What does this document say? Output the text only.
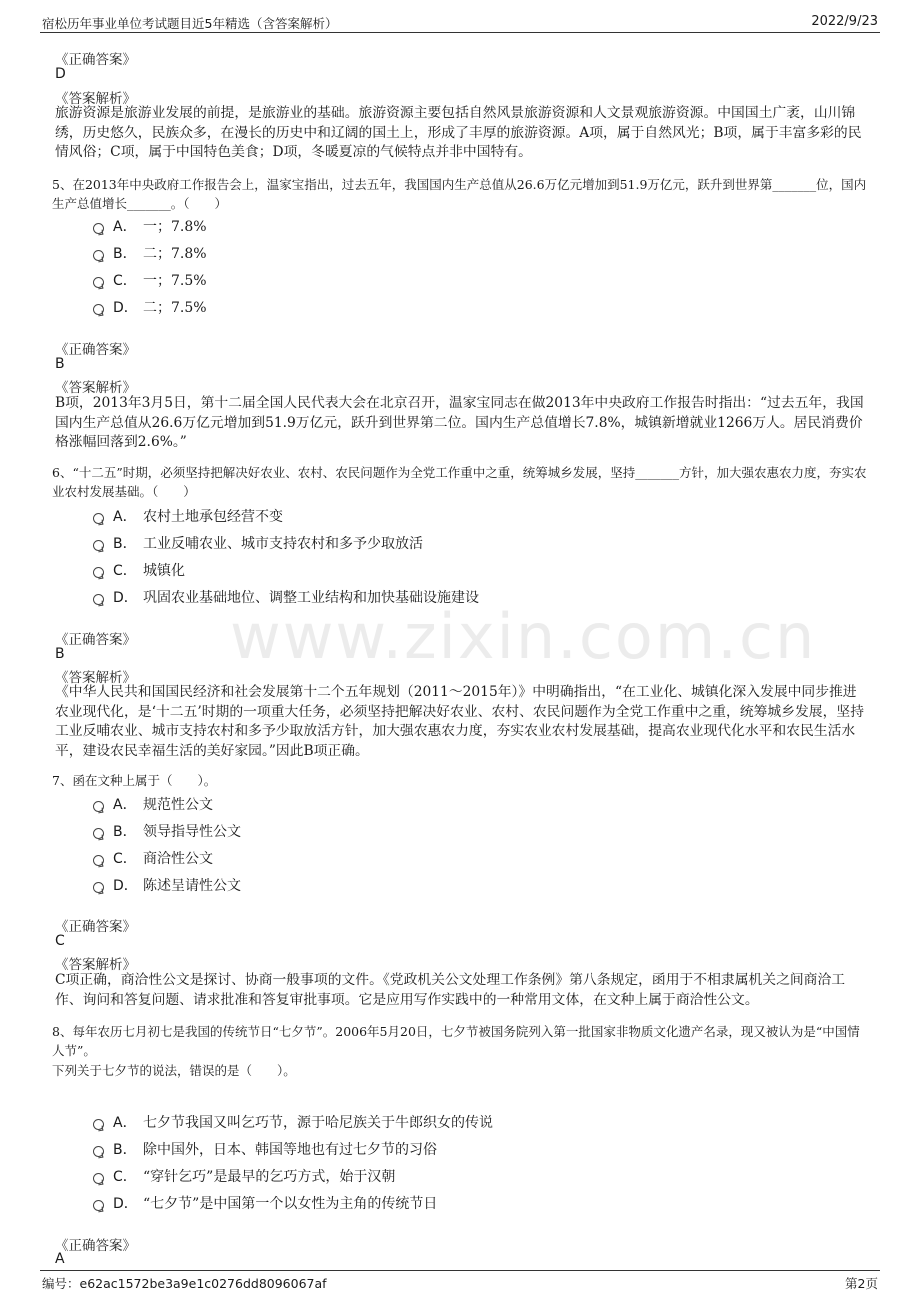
宿松历年事业单位考试题目近5年精选（含答案解析）	2022/9/23
www.zixin.com.cn
《正确答案》
D
《答案解析》
旅游资源是旅游业发展的前提，是旅游业的基础。旅游资源主要包括自然风景旅游资源和人文景观旅游资源。中国国土广袤，山川锦绣，历史悠久，民族众多，在漫长的历史中和辽阔的国土上，形成了丰厚的旅游资源。A项，属于自然风光；B项，属于丰富多彩的民情风俗；C项，属于中国特色美食；D项，冬暖夏凉的气候特点并非中国特有。
5、在2013年中央政府工作报告会上，温家宝指出，过去五年，我国国内生产总值从26.6万亿元增加到51.9万亿元，跃升到世界第_______位，国内生产总值增长_______。（　　）
A． 一；7.8%
B． 二；7.8%
C． 一；7.5%
D． 二；7.5%
《正确答案》
B
《答案解析》
B项，2013年3月5日，第十二届全国人民代表大会在北京召开，温家宝同志在做2013年中央政府工作报告时指出：“过去五年，我国国内生产总值从26.6万亿元增加到51.9万亿元，跃升到世界第二位。国内生产总值增长7.8%，城镇新增就业1266万人。居民消费价格涨幅回落到2.6%。”
6、“十二五”时期，必须坚持把解决好农业、农村、农民问题作为全党工作重中之重，统筹城乡发展，坚持_______方针，加大强农惠农力度，夯实农业农村发展基础。（　　）
A． 农村土地承包经营不变
B． 工业反哺农业、城市支持农村和多予少取放活
C． 城镇化
D． 巩固农业基础地位、调整工业结构和加快基础设施建设
《正确答案》
B
《答案解析》
《中华人民共和国国民经济和社会发展第十二个五年规划（2011～2015年）》中明确指出，“在工业化、城镇化深入发展中同步推进农业现代化，是‘十二五’时期的一项重大任务，必须坚持把解决好农业、农村、农民问题作为全党工作重中之重，统筹城乡发展，坚持工业反哺农业、城市支持农村和多予少取放活方针，加大强农惠农力度，夯实农业农村发展基础，提高农业现代化水平和农民生活水平，建设农民幸福生活的美好家园。”因此B项正确。
7、函在文种上属于（　　）。
A． 规范性公文
B． 领导指导性公文
C． 商洽性公文
D． 陈述呈请性公文
《正确答案》
C
《答案解析》
C项正确，商洽性公文是探讨、协商一般事项的文件。《党政机关公文处理工作条例》第八条规定，函用于不相隶属机关之间商洽工作、询问和答复问题、请求批准和答复审批事项。它是应用写作实践中的一种常用文体，在文种上属于商洽性公文。
8、每年农历七月初七是我国的传统节日“七夕节”。2006年5月20日，七夕节被国务院列入第一批国家非物质文化遗产名录，现又被认为是“中国情人节”。
下列关于七夕节的说法，错误的是（　　）。
A． 七夕节我国又叫乞巧节，源于哈尼族关于牛郎织女的传说
B． 除中国外，日本、韩国等地也有过七夕节的习俗
C． “穿针乞巧”是最早的乞巧方式，始于汉朝
D． “七夕节”是中国第一个以女性为主角的传统节日
《正确答案》
A
编号：e62ac1572be3a9e1c0276dd8096067af	第2页
